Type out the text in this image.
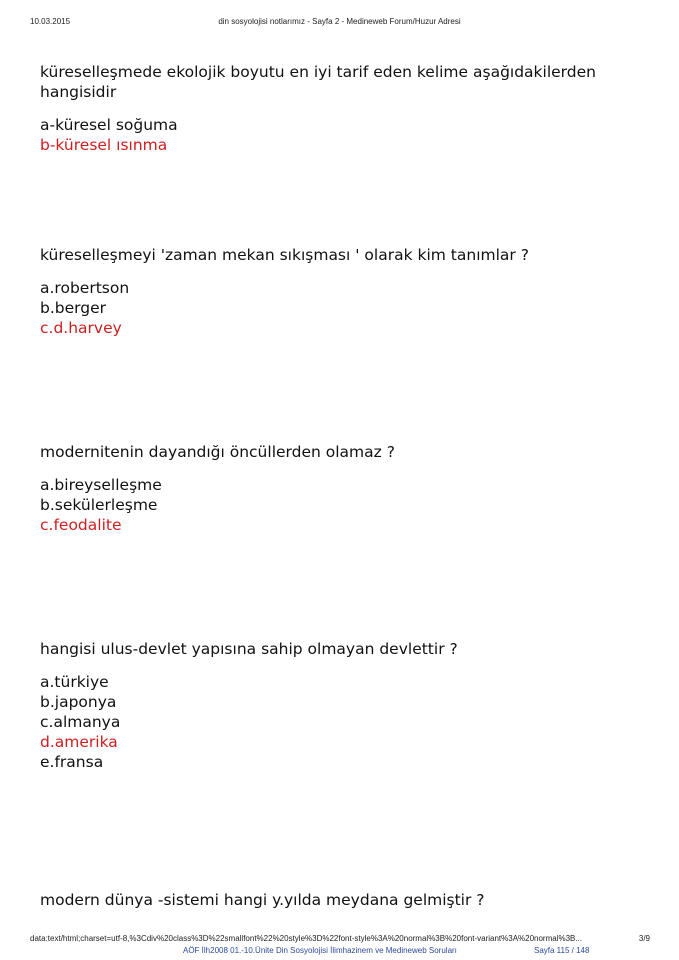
10.03.2015	din sosyolojisi notlarımız - Sayfa 2 - Medineweb Forum/Huzur Adresi
küreselleşmede ekolojik boyutu en iyi tarif eden kelime aşağıdakilerden hangisidir
a-küresel soğuma
b-küresel ısınma
küreselleşmeyi 'zaman mekan sıkışması ' olarak kim tanımlar ?
a.robertson
b.berger
c.d.harvey
modernitenin dayandığı öncüllerden olamaz ?
a.bireyselleşme
b.sekülerleşme
c.feodalite
hangisi ulus-devlet yapısına sahip olmayan devlettir ?
a.türkiye
b.japonya
c.almanya
d.amerika
e.fransa
modern dünya -sistemi hangi y.yılda meydana gelmiştir ?
data:text/html;charset=utf-8,%3Cdiv%20class%3D%22smallfont%22%20style%3D%22font-style%3A%20normal%3B%20font-variant%3A%20normal%3B...	3/9
AÖF İlh2008 01.-10.Ünite Din Sosyolojisi İlimhazinem ve Medineweb Soruları	Sayfa 115 / 148
